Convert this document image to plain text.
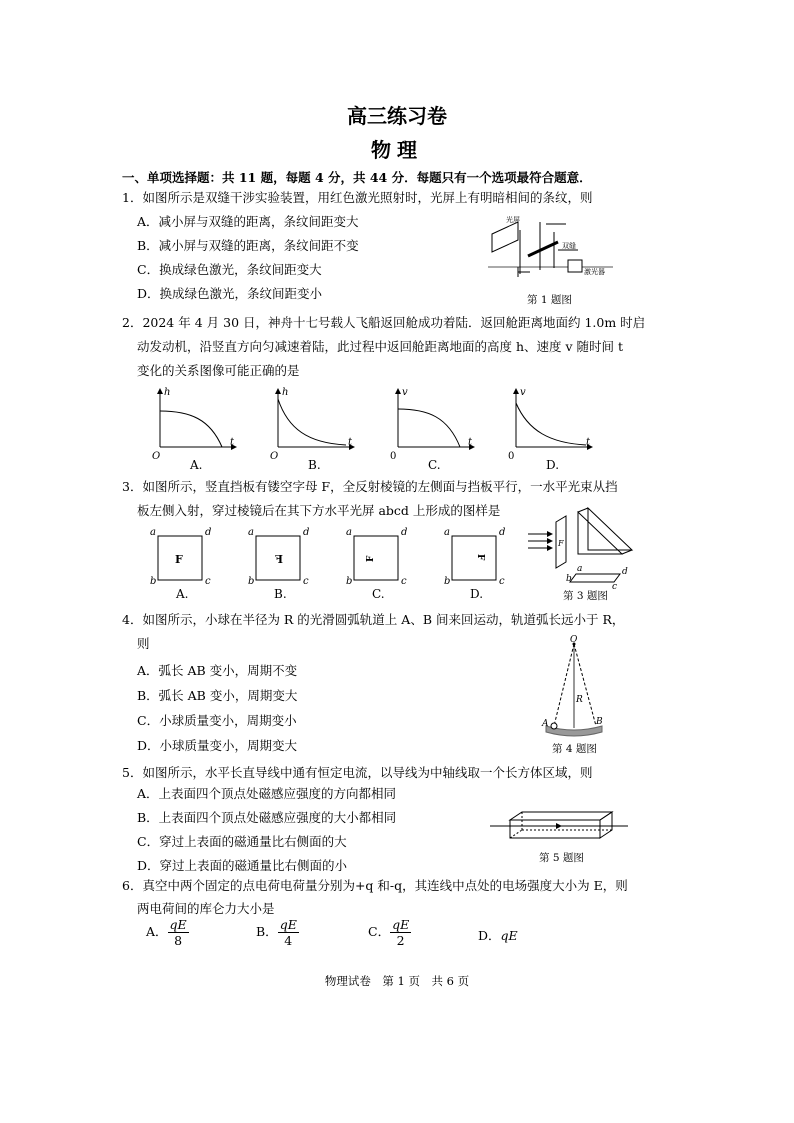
高三练习卷
物理
一、单项选择题：共 11 题，每题 4 分，共 44 分．每题只有一个选项最符合题意．
1．如图所示是双缝干涉实验装置，用红色激光照射时，光屏上有明暗相间的条纹，则
A．减小屏与双缝的距离，条纹间距变大
B．减小屏与双缝的距离，条纹间距不变
C．换成绿色激光，条纹间距变大
D．换成绿色激光，条纹间距变小
光屏
双缝
激光器
第 1 题图
2．2024 年 4 月 30 日，神舟十七号载人飞船返回舱成功着陆．返回舱距离地面约 1.0m 时启
动发动机，沿竖直方向匀减速着陆，此过程中返回舱距离地面的高度 h、速度 v 随时间 t
变化的关系图像可能正确的是
h
t
O
A.
h
t
O
B.
v
t
0
C.
v
t
0
D.
3．如图所示，竖直挡板有镂空字母 F，全反射棱镜的左侧面与挡板平行，一水平光束从挡
板左侧入射，穿过棱镜后在其下方水平光屏 abcd 上形成的图样是
a
b	c
d
F
A.
a
b	c
d
F
B.
a
b	c
d
F
C.
a
b	c
d
F
D.
F
a
b
c
d
第 3 题图
4．如图所示，小球在半径为 R 的光滑圆弧轨道上 A、B 间来回运动，轨道弧长远小于 R，
则
A．弧长 AB 变小，周期不变
B．弧长 AB 变小，周期变大
C．小球质量变小，周期变小
D．小球质量变小，周期变大
O
R
A	B
第 4 题图
5．如图所示，水平长直导线中通有恒定电流，以导线为中轴线取一个长方体区域，则
A．上表面四个顶点处磁感应强度的方向都相同
B．上表面四个顶点处磁感应强度的大小都相同
C．穿过上表面的磁通量比右侧面的大
D．穿过上表面的磁通量比右侧面的小	第 5 题图
6．真空中两个固定的点电荷电荷量分别为+q 和-q，其连线中点处的电场强度大小为 E，则
两电荷间的库仑力大小是
A． $\frac{qE}{8}$	B． $\frac{qE}{4}$	C． $\frac{qE}{2}$	D．qE
物理试卷　第 1 页　共 6 页
